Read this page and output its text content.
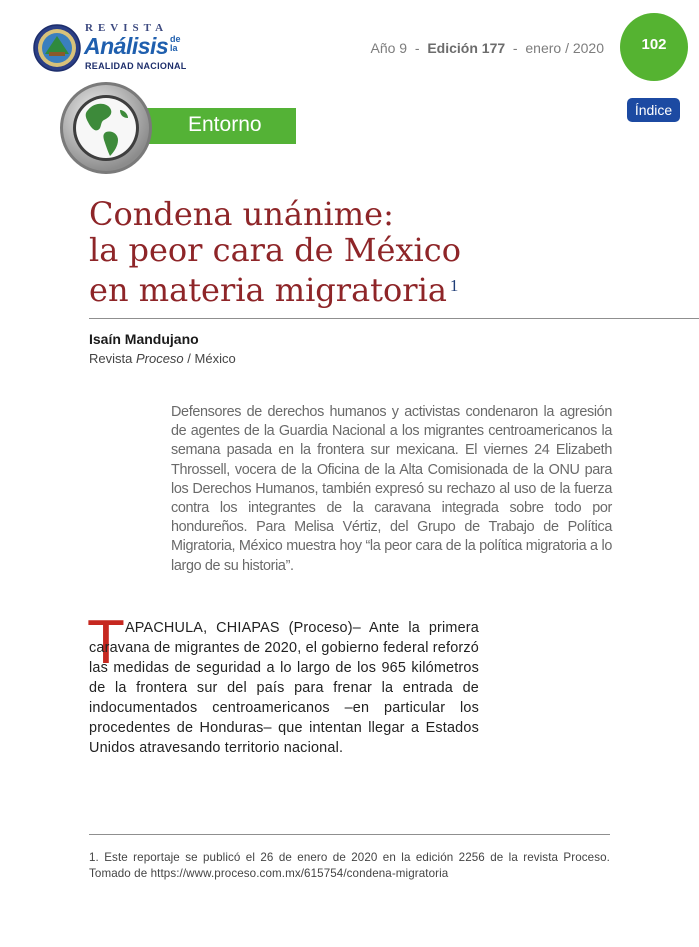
REVISTA
Análisis de
la
REALIDAD NACIONAL
Año 9 - Edición 177 - enero / 2020	102
Índice
Entorno
Condena unánime:
la peor cara de México
en materia migratoria $^1$
Isaín Mandujano
Revista Proceso / México

Defensores de derechos humanos y activistas condenaron la agresión de agentes de la Guardia Nacional a los migrantes centroamericanos la semana pasada en la frontera sur mexicana. El viernes 24 Elizabeth Throssell, vocera de la Oficina de la Alta Comisionada de la ONU para los Derechos Humanos, también expresó su rechazo al uso de la fuerza contra los integrantes de la caravana integrada sobre todo por hondureños. Para Melisa Vértiz, del Grupo de Trabajo de Política Migratoria, México muestra hoy “la peor cara de la política migratoria a lo largo de su historia”.

T APACHULA, CHIAPAS (Proceso)– Ante la primera caravana de migrantes de 2020, el gobierno federal reforzó las medidas de seguridad a lo largo de los 965 kilómetros de la frontera sur del país para frenar la entrada de indocumentados centroamericanos –en particular los procedentes de Honduras– que intentan llegar a Estados Unidos atravesando territorio nacional.

1. Este reportaje se publicó el 26 de enero de 2020 en la edición 2256 de la revista Proceso. Tomado de https://www.proceso.com.mx/615754/condena-migratoria
